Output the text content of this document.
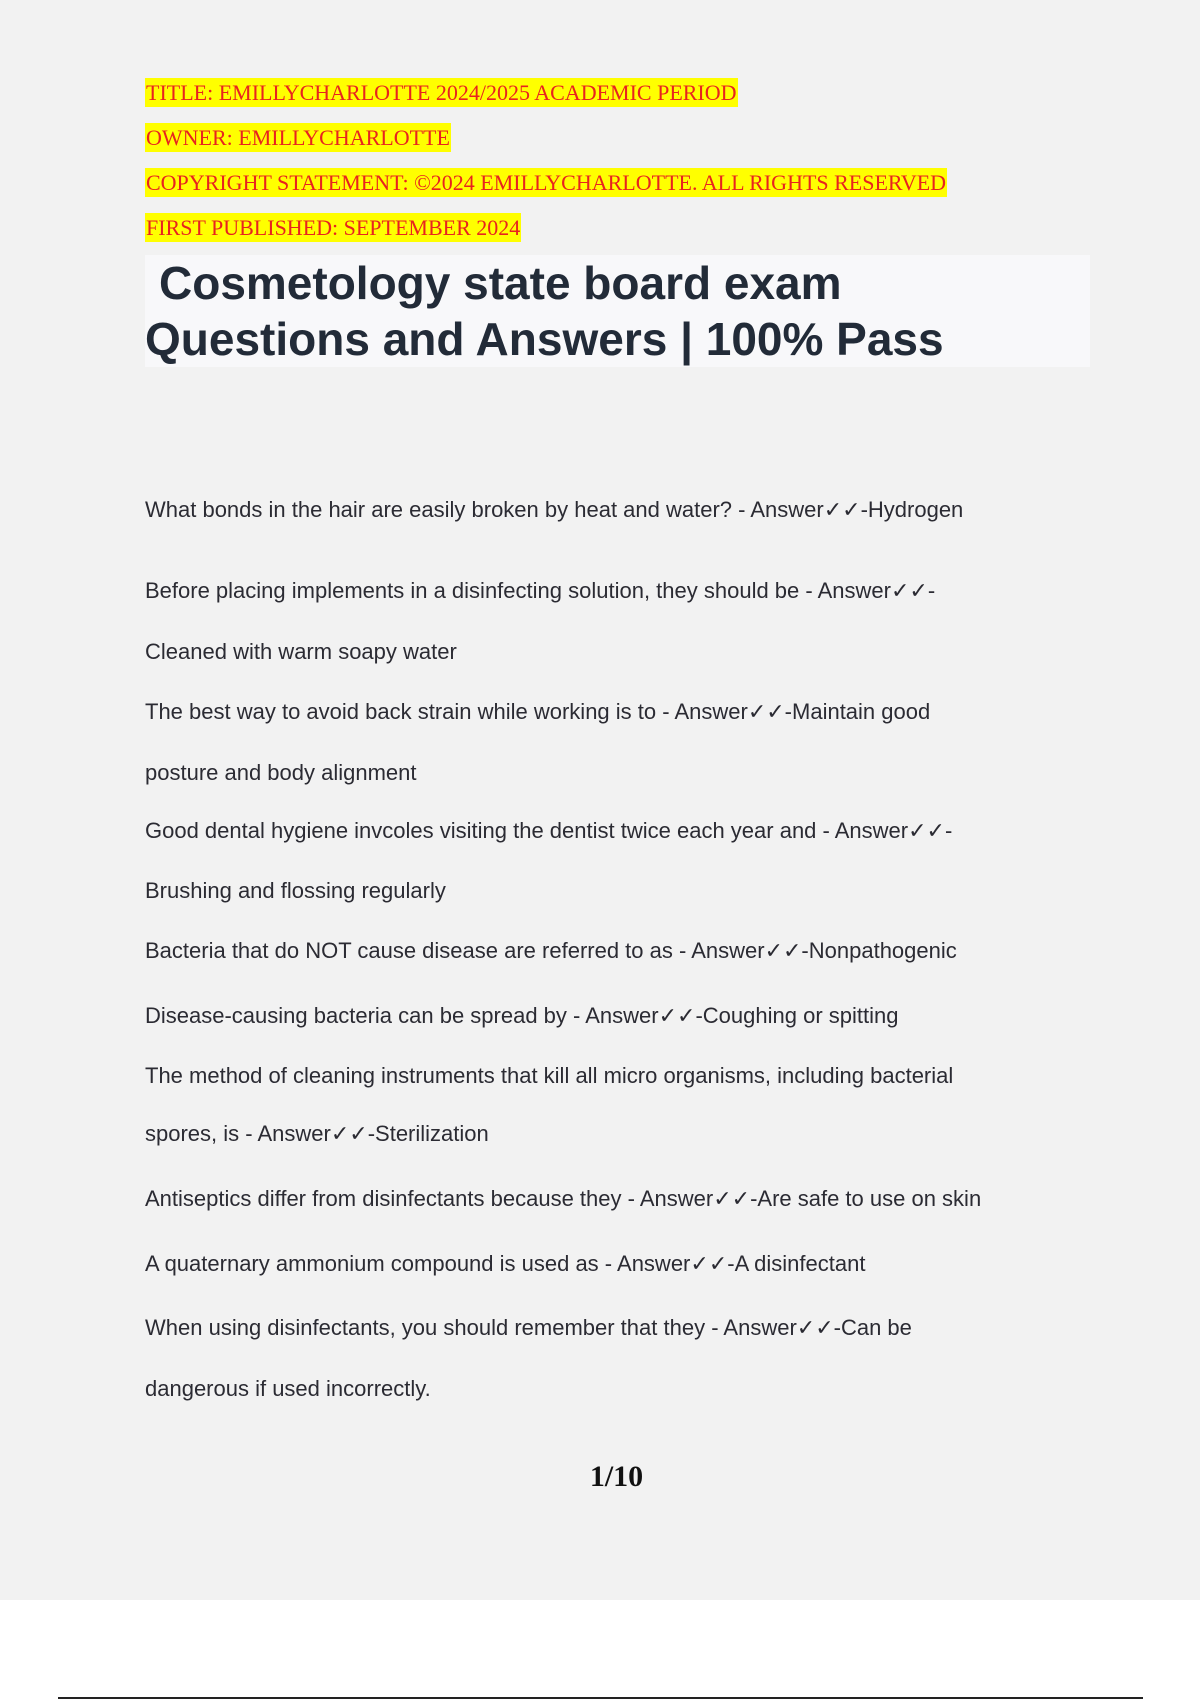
TITLE: EMILLYCHARLOTTE 2024/2025 ACADEMIC PERIOD
OWNER: EMILLYCHARLOTTE
COPYRIGHT STATEMENT: ©2024 EMILLYCHARLOTTE. ALL RIGHTS RESERVED
FIRST PUBLISHED: SEPTEMBER 2024
Cosmetology state board exam
Questions and Answers | 100% Pass
What bonds in the hair are easily broken by heat and water? - Answer✓✓-Hydrogen
Before placing implements in a disinfecting solution, they should be - Answer✓✓-
Cleaned with warm soapy water
The best way to avoid back strain while working is to - Answer✓✓-Maintain good
posture and body alignment
Good dental hygiene invcoles visiting the dentist twice each year and - Answer✓✓-
Brushing and flossing regularly
Bacteria that do NOT cause disease are referred to as - Answer✓✓-Nonpathogenic
Disease-causing bacteria can be spread by - Answer✓✓-Coughing or spitting
The method of cleaning instruments that kill all micro organisms, including bacterial
spores, is - Answer✓✓-Sterilization
Antiseptics differ from disinfectants because they - Answer✓✓-Are safe to use on skin
A quaternary ammonium compound is used as - Answer✓✓-A disinfectant
When using disinfectants, you should remember that they - Answer✓✓-Can be
dangerous if used incorrectly.
1/10
